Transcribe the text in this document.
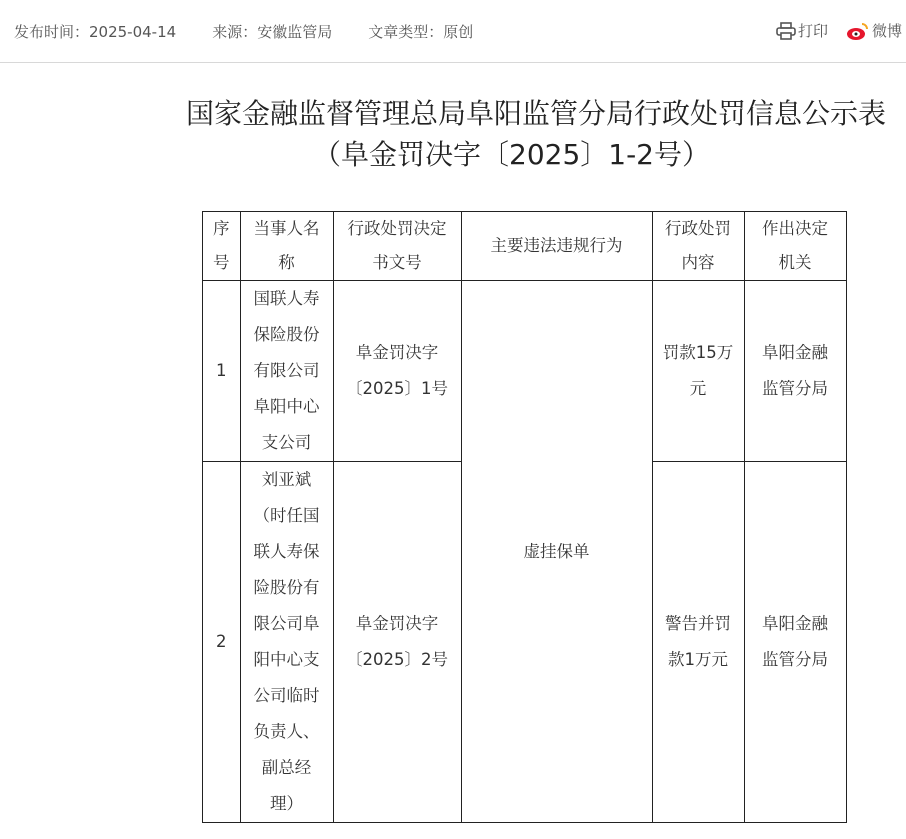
发布时间：2025-04-14 来源：安徽监管局 文章类型：原创	打印	微博
国家金融监督管理总局阜阳监管分局行政处罚信息公示表
（阜金罚决字〔2025〕1-2号）
序号	当事人名称	行政处罚决定书文号	主要违法违规行为	行政处罚内容	作出决定机关
1	国联人寿保险股份有限公司阜阳中心支公司	阜金罚决字〔2025〕1号	虚挂保单	罚款15万元	阜阳金融监管分局
2	刘亚斌（时任国联人寿保险股份有限公司阜阳中心支公司临时负责人、副总经理）	阜金罚决字〔2025〕2号		警告并罚款1万元	阜阳金融监管分局
